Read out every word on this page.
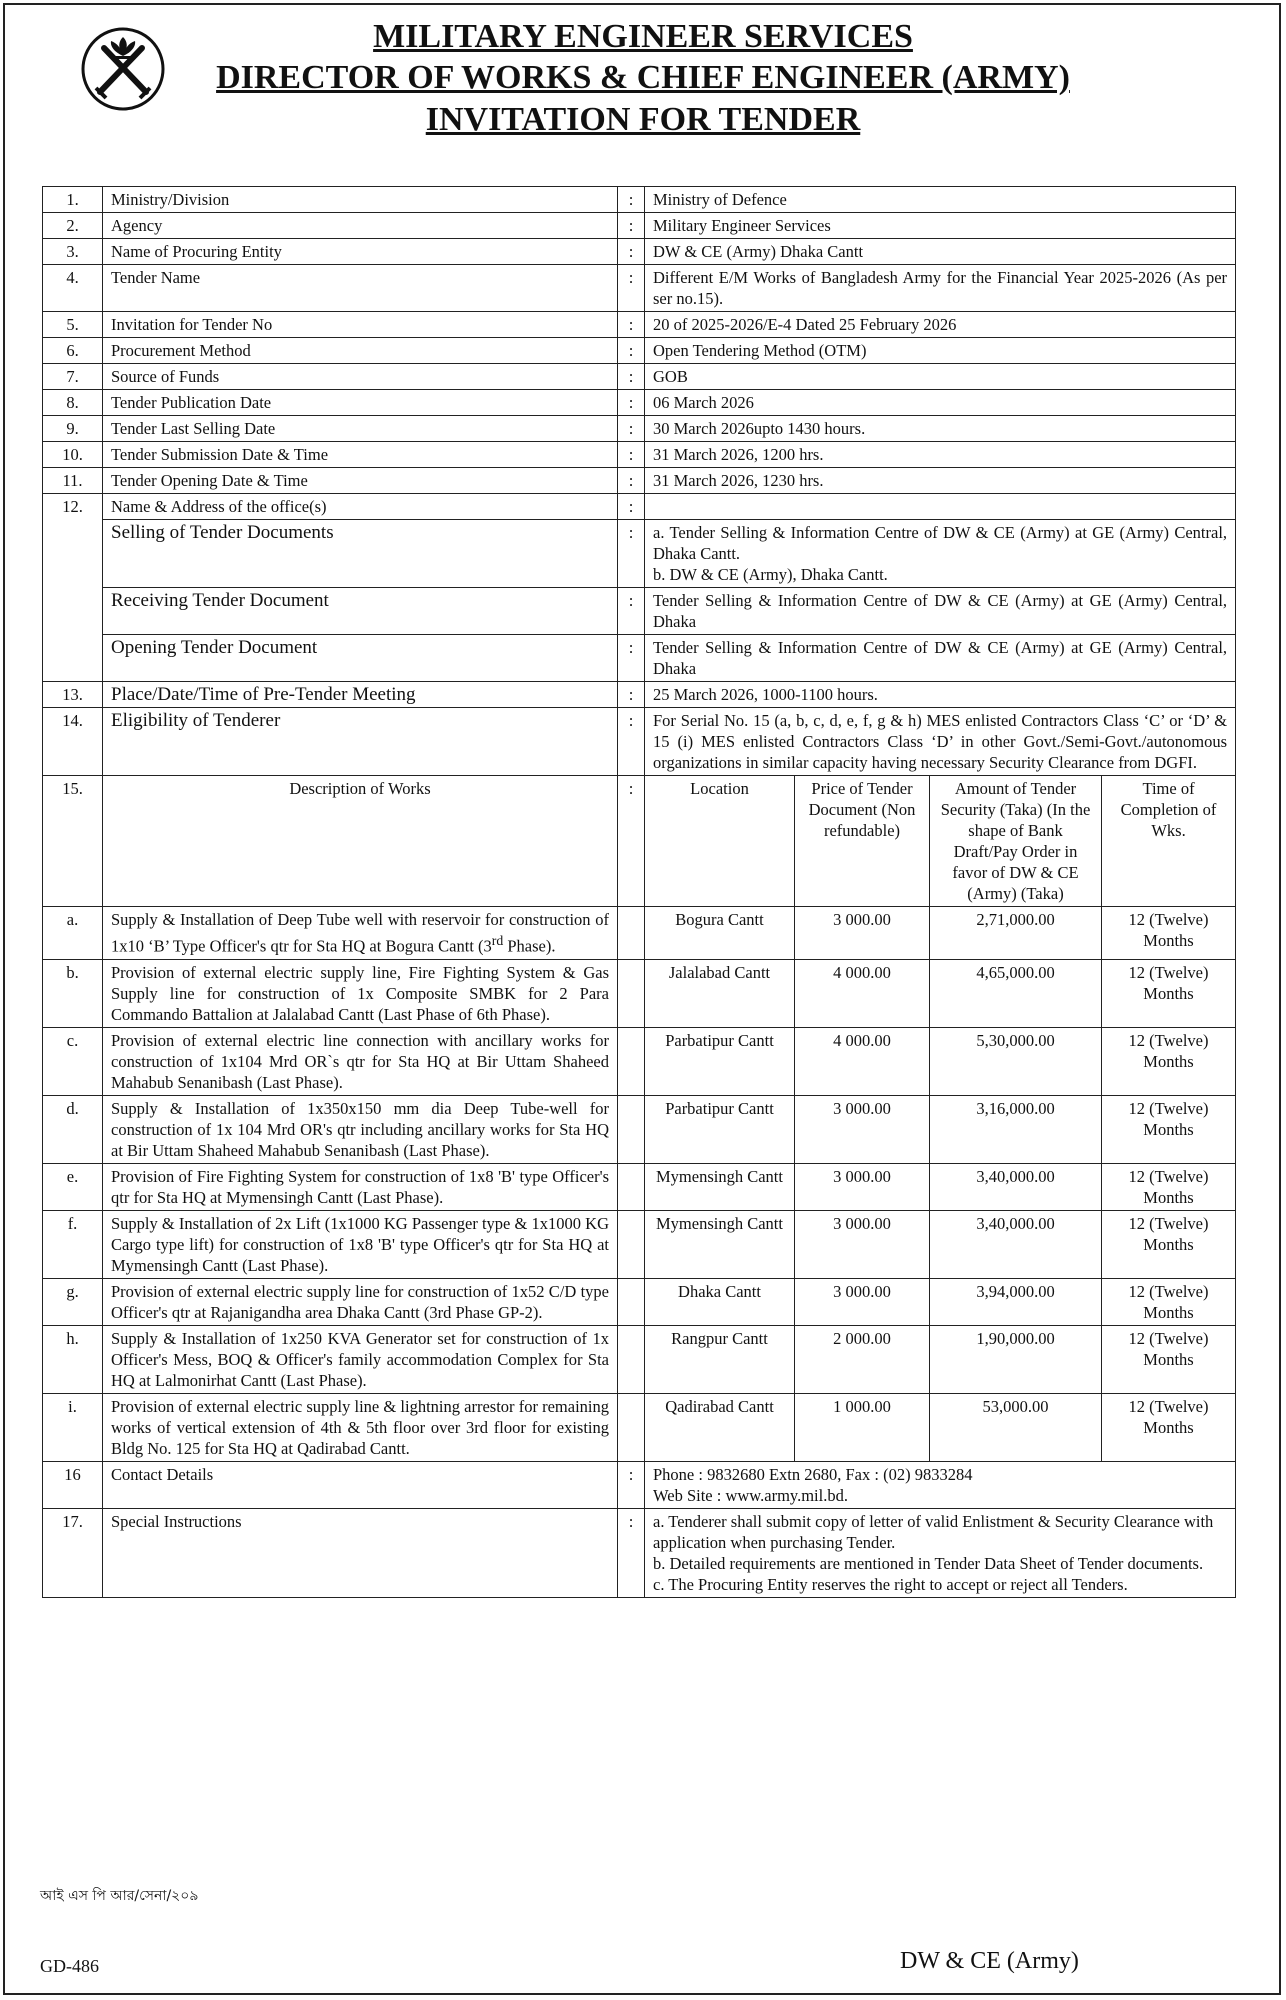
MILITARY ENGINEER SERVICES
DIRECTOR OF WORKS & CHIEF ENGINEER (ARMY)
INVITATION FOR TENDER
1.	Ministry/Division	:	Ministry of Defence			
2.	Agency	:	Military Engineer Services			
3.	Name of Procuring Entity	:	DW & CE (Army) Dhaka Cantt			
4.	Tender Name	:	Different E/M Works of Bangladesh Army for the Financial Year 2025-2026 (As per ser no.15).			
5.	Invitation for Tender No	:	20 of 2025-2026/E-4 Dated 25 February 2026			
6.	Procurement Method	:	Open Tendering Method (OTM)			
7.	Source of Funds	:	GOB			
8.	Tender Publication Date	:	06 March 2026			
9.	Tender Last Selling Date	:	30 March 2026upto 1430 hours.			
10.	Tender Submission Date & Time	:	31 March 2026, 1200 hrs.			
11.	Tender Opening Date & Time	:	31 March 2026, 1230 hrs.			
12.	Name & Address of the office(s)	:				
	Selling of Tender Documents	:	a. Tender Selling & Information Centre of DW & CE (Army) at GE (Army) Central, Dhaka Cantt.
b. DW & CE (Army), Dhaka Cantt.			

	Receiving Tender Document	:	Tender Selling & Information Centre of DW & CE (Army) at GE (Army) Central, Dhaka			
	Opening Tender Document	:	Tender Selling & Information Centre of DW & CE (Army) at GE (Army) Central, Dhaka			
13.	Place/Date/Time of Pre-Tender Meeting	:	25 March 2026, 1000-1100 hours.			
14.	Eligibility of Tenderer	:	For Serial No. 15 (a, b, c, d, e, f, g & h) MES enlisted Contractors Class ‘C’ or ‘D’ & 15 (i) MES enlisted Contractors Class ‘D’ in other Govt./Semi-Govt./autonomous organizations in similar capacity having necessary Security Clearance from DGFI.			
15.	Description of Works	:	Location	Price of Tender Document (Non refundable)	Amount of Tender Security (Taka) (In the shape of Bank Draft/Pay Order in favor of DW & CE (Army) (Taka)	Time of Completion of Wks.
a.	Supply & Installation of Deep Tube well with reservoir for construction of 1x10 ‘B’ Type Officer's qtr for Sta HQ at Bogura Cantt (3rd Phase).		Bogura Cantt	3 000.00	2,71,000.00	12 (Twelve) Months
b.	Provision of external electric supply line, Fire Fighting System & Gas Supply line for construction of 1x Composite SMBK for 2 Para Commando Battalion at Jalalabad Cantt (Last Phase of 6th Phase).		Jalalabad Cantt	4 000.00	4,65,000.00	12 (Twelve) Months
c.	Provision of external electric line connection with ancillary works for construction of 1x104 Mrd OR`s qtr for Sta HQ at Bir Uttam Shaheed Mahabub Senanibash (Last Phase).		Parbatipur Cantt	4 000.00	5,30,000.00	12 (Twelve) Months
d.	Supply & Installation of 1x350x150 mm dia Deep Tube-well for construction of 1x 104 Mrd OR's qtr including ancillary works for Sta HQ at Bir Uttam Shaheed Mahabub Senanibash (Last Phase).		Parbatipur Cantt	3 000.00	3,16,000.00	12 (Twelve) Months
e.	Provision of Fire Fighting System for construction of 1x8 'B' type Officer's qtr for Sta HQ at Mymensingh Cantt (Last Phase).		Mymensingh Cantt	3 000.00	3,40,000.00	12 (Twelve) Months
f.	Supply & Installation of 2x Lift (1x1000 KG Passenger type & 1x1000 KG Cargo type lift) for construction of 1x8 'B' type Officer's qtr for Sta HQ at Mymensingh Cantt (Last Phase).		Mymensingh Cantt	3 000.00	3,40,000.00	12 (Twelve) Months
g.	Provision of external electric supply line for construction of 1x52 C/D type Officer's qtr at Rajanigandha area Dhaka Cantt (3rd Phase GP-2).		Dhaka Cantt	3 000.00	3,94,000.00	12 (Twelve) Months
h.	Supply & Installation of 1x250 KVA Generator set for construction of 1x Officer's Mess, BOQ & Officer's family accommodation Complex for Sta HQ at Lalmonirhat Cantt (Last Phase).		Rangpur Cantt	2 000.00	1,90,000.00	12 (Twelve) Months
i.	Provision of external electric supply line & lightning arrestor for remaining works of vertical extension of 4th & 5th floor over 3rd floor for existing Bldg No. 125 for Sta HQ at Qadirabad Cantt.		Qadirabad Cantt	1 000.00	53,000.00	12 (Twelve) Months
16	Contact Details	:	Phone : 9832680 Extn 2680, Fax : (02) 9833284
Web Site : www.army.mil.bd.			

17.	Special Instructions	:	a. Tenderer shall submit copy of letter of valid Enlistment & Security Clearance with application when purchasing Tender.
b. Detailed requirements are mentioned in Tender Data Sheet of Tender documents.
c. The Procuring Entity reserves the right to accept or reject all Tenders.			
আই এস পি আর/সেনা/২০৯
GD-486	DW & CE (Army)
